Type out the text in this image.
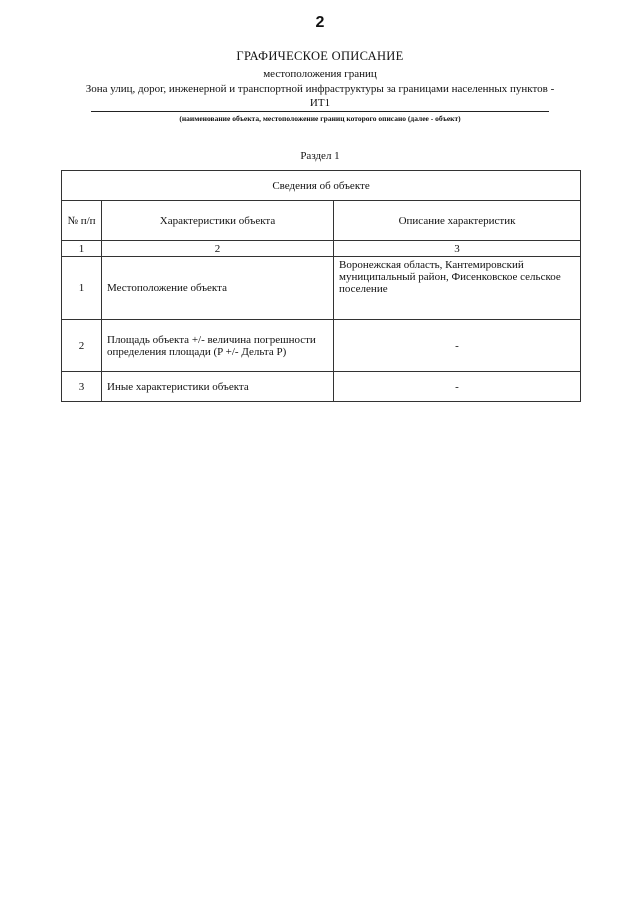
2
ГРАФИЧЕСКОЕ ОПИСАНИЕ
местоположения границ
Зона улиц, дорог, инженерной и транспортной инфраструктуры за границами населенных пунктов - ИТ1
(наименование объекта, местоположение границ которого описано (далее - объект)
Раздел 1
Сведения об объекте		
№ п/п	Характеристики объекта	Описание характеристик
1	2	3
1	Местоположение объекта	Воронежская область, Кантемировский муниципальный район, Фисенковское сельское поселение
2	Площадь объекта +/- величина погрешности определения площади (P +/- Дельта P)	-
3	Иные характеристики объекта	-
